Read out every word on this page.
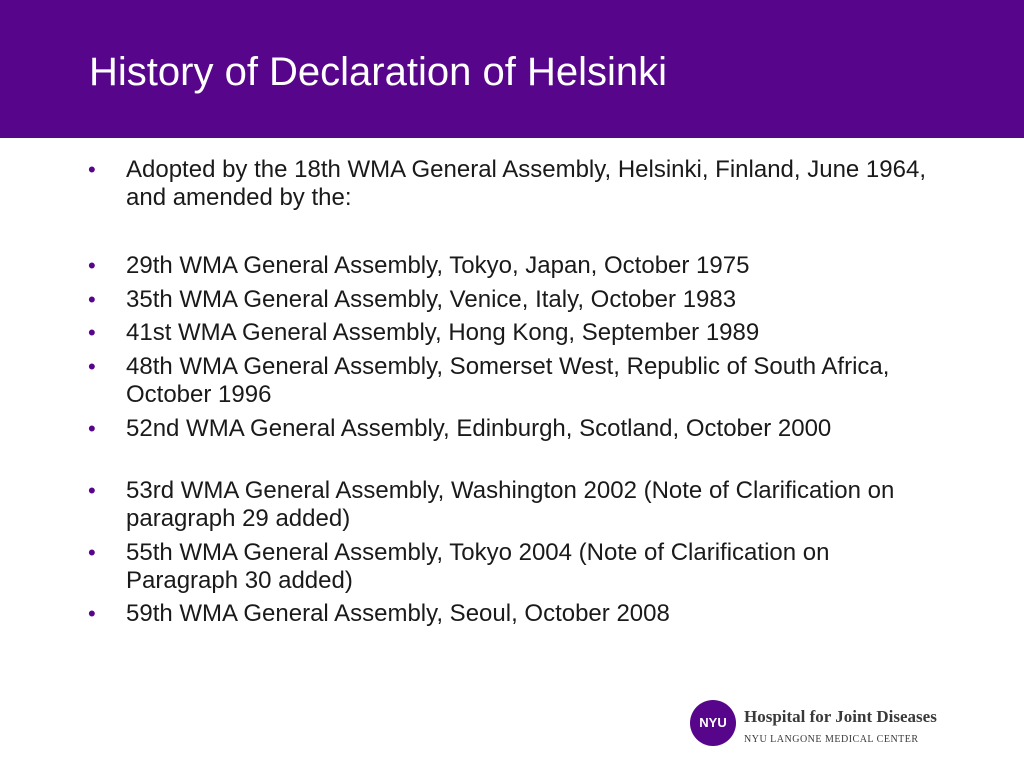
History of Declaration of Helsinki
•	Adopted by the 18th WMA General Assembly, Helsinki, Finland, June 1964, and amended by the:
•	29th WMA General Assembly, Tokyo, Japan, October 1975
•	35th WMA General Assembly, Venice, Italy, October 1983
•	41st WMA General Assembly, Hong Kong, September 1989
•	48th WMA General Assembly, Somerset West, Republic of South Africa, October 1996
•	52nd WMA General Assembly, Edinburgh, Scotland, October 2000
•	53rd WMA General Assembly, Washington 2002 (Note of Clarification on paragraph 29 added)
•	55th WMA General Assembly, Tokyo 2004 (Note of Clarification on Paragraph 30 added)
•	59th WMA General Assembly, Seoul, October 2008
NYU	Hospital for Joint Diseases
NYU LANGONE MEDICAL CENTER
